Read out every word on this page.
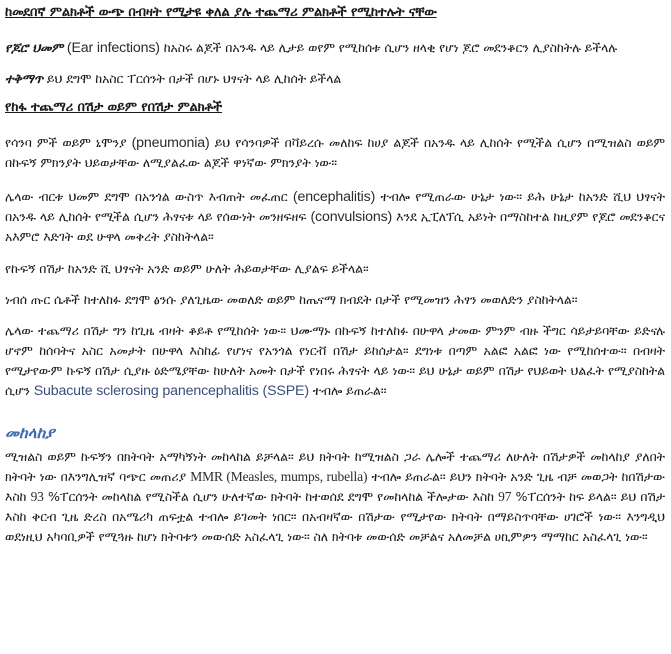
ከመደበኛ ምልክቶች ውጭ በብዛት የሚታዩ ቀለል ያሉ ተጨማሪ ምልክቶች የሚከተሉት ናቸው

የጆሮ ህመም (Ear infections) ከአስሩ ልጆች በአንዱ ላይ ሊታይ ወየም የሚከሰቱ ሲሆን ዘላቂ የሆነ ጆሮ መደንቆርን ሊያስከትሉ ይችላሉ

ተቅማጥ ይህ ደግሞ ከአስር ፐርሰንት በታች በሆኑ ህፃናት ላይ ሊከሰት ይችላል

የከፋ ተጨማሪ በሽታ ወይም የበሽታ ምልክቶች

የሳንባ ምች ወይም ኒሞንያ (pneumonia) ይህ የሳንባዎች በቫይረሱ መለከፍ ከሀያ ልጆች በአንዱ ላይ ሊከሰት የሚችል ሲሆን በሚዝልስ ወይም በኩፍኝ ምክንያት ህይወታቸው ለሚያልፈው ልጆች ዋነኛው ምክንያት ነው፡፡

ሌላው ብርቱ ህመም ደግሞ በአንጎል ውስጥ እብጠት መፈጠር (encephalitis) ተብሎ የሚጠራው ሁኔታ ነው፡፡ ይሕ ሁኔታ ከአንድ ሺህ ህፃናት በአንዱ ላይ ሊከሰት የሚችል ሲሆን ሕፃናቱ ላይ የሰውነት መንዘፍዘፍ (convulsions) እንደ ኢፒለፕሲ አይነት በማስከተል ከዚያም የጆሮ መደንቆርና አእምሮ እድገት ወደ ሁዋላ መቅረት ያስከትላል፡፡

የኩፍኝ በሽታ ከአንድ ሺ ህፃናት አንድ ወይም ሁለት ሕይወታቸው ሊያልፍ ይችላል፡፡

ነብሰ ጡር ሴቶች ከተለከፉ ደግሞ ፅንሱ ያለጊዜው መወለድ ወይም ከጤናማ ክብደት በታች የሚመዝን ሕፃን መወለድን ያስከትላል፡፡

ሌላው ተጨማሪ በሽታ ግን ከጊዜ ብዛት ቆይቶ የሚከሰት ነው፡፡ ህሙማኑ በኩፍኝ ከተለከፉ በሁዋላ ታመው ምንም ብዙ ችግር ሳይታይባቸው ይድናሉ ሆኖም ከሰባትና አስር አመታት በሁዋላ እስከፊ የሆነና የአንጎል የነርቭ በሽታ ይከሰታል፡፡ ደግነቱ በጣም አልፎ አልፎ ነው የሚከሰተው፡፡ በብዛት የሚታየውም ኩፍኝ በሽታ ሲያዙ ዕድሜያቸው ከሁለት አመት በታች የነበሩ ሕፃናት ላይ ነው፡፡ ይህ ሁኔታ ወይም በሽታ የህይወት ህልፈት የሚያስከትል ሲሆን Subacute sclerosing panencephalitis (SSPE) ተብሎ ይጠራል፡፡

መከላከያ

ሚዝልስ ወይም ኩፍኝን በክትባት አማካኝነት መከላከል ይቻላል፡፡ ይህ ክትባት ከሚዝልስ ጋራ ሌሎች ተጨማሪ ለሁለት በሽታዎች መከላከያ ያለበት ክትባት ነው በእንግሊዝኛ ባጭር መጠሪያ MMR (Measles, mumps, rubella) ተብሎ ይጠራል፡፡ ይህን ክትባት አንድ ጊዜ ብቻ መወጋት ከበሽታው እስከ 93 %ፐርሰንት መከላከል የሚስችል ሲሆን ሁለተኛው ክትባት ከተወሰደ ደግሞ የመከላከል ችሎታው እስከ 97 %ፐርሰንት ከፍ ይላል፡፡ ይህ በሽታ እስከ ቅርብ ጊዜ ድረስ በአሜሪካ ጠፍቷል ተብሎ ይገመት ነበር፡፡ በአብዛኛው በሽታው የሚታየው ክትባት በማይስጥባቸው ሀገሮች ነው፡፡ እንግዲህ ወደነዚህ አካባቢዎች የሚጓዙ ከሆነ ክትባቱን መውሰድ አስፈላጊ ነው፡፡ ስለ ክትባቱ መውሰድ መቻልና አለመቻል ሀኪምዎን ማማከር አስፈላጊ ነው፡፡
